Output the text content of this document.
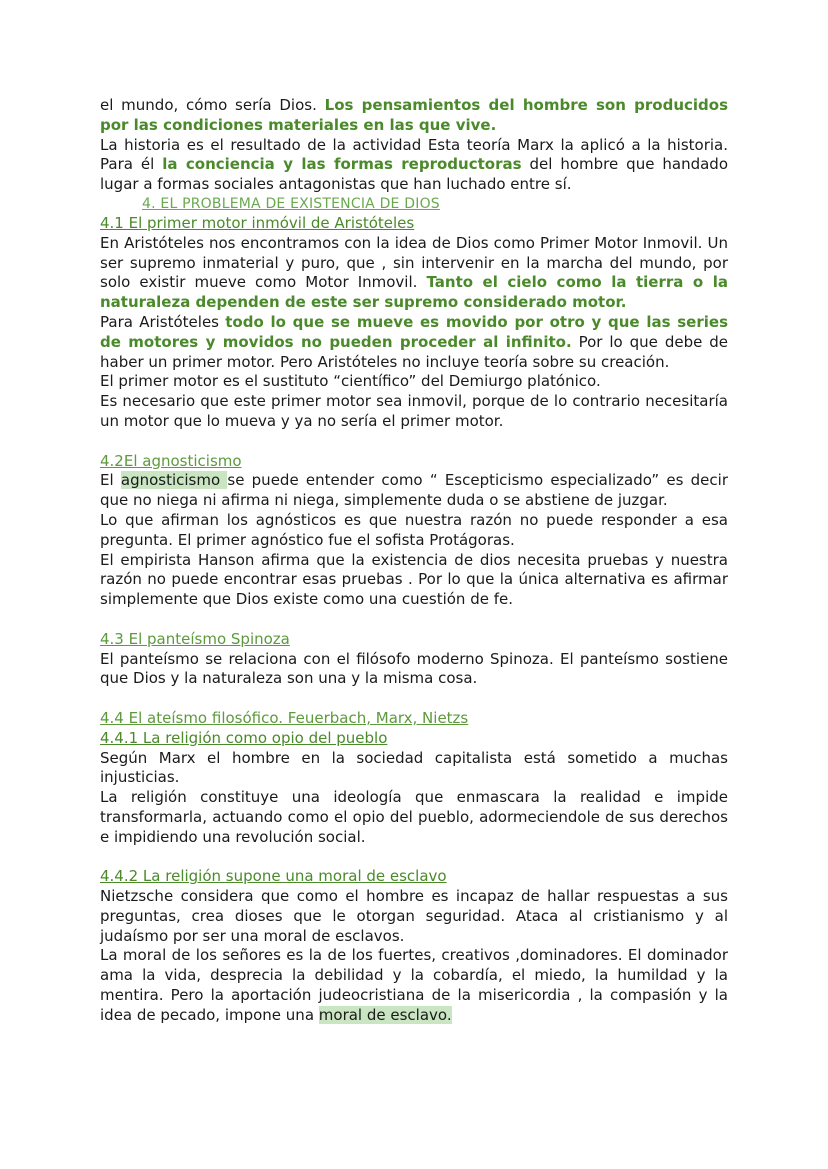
el mundo, cómo sería Dios. Los pensamientos del hombre son producidos por las condiciones materiales en las que vive.

La historia es el resultado de la actividad Esta teoría Marx la aplicó a la historia. Para él la conciencia y las formas reproductoras del hombre que handado lugar a formas sociales antagonistas que han luchado entre sí.

4. EL PROBLEMA DE EXISTENCIA DE DIOS

4.1 El primer motor inmóvil de Aristóteles

En Aristóteles nos encontramos con la idea de Dios como Primer Motor Inmovil. Un ser supremo inmaterial y puro, que , sin intervenir en la marcha del mundo, por solo existir mueve como Motor Inmovil. Tanto el cielo como la tierra o la naturaleza dependen de este ser supremo considerado motor.

Para Aristóteles todo lo que se mueve es movido por otro y que las series de motores y movidos no pueden proceder al infinito. Por lo que debe de haber un primer motor. Pero Aristóteles no incluye teoría sobre su creación.

El primer motor es el sustituto “científico” del Demiurgo platónico.

Es necesario que este primer motor sea inmovil, porque de lo contrario necesitaría un motor que lo mueva y ya no sería el primer motor.

4.2El agnosticismo

El agnosticismo se puede entender como “ Escepticismo especializado” es decir que no niega ni afirma ni niega, simplemente duda o se abstiene de juzgar.

Lo que afirman los agnósticos es que nuestra razón no puede responder a esa pregunta. El primer agnóstico fue el sofista Protágoras.

El empirista Hanson afirma que la existencia de dios necesita pruebas y nuestra razón no puede encontrar esas pruebas . Por lo que la única alternativa es afirmar simplemente que Dios existe como una cuestión de fe.

4.3 El panteísmo Spinoza

El panteísmo se relaciona con el filósofo moderno Spinoza. El panteísmo sostiene que Dios y la naturaleza son una y la misma cosa.

4.4 El ateísmo filosófico. Feuerbach, Marx, Nietzs

4.4.1 La religión como opio del pueblo

Según Marx el hombre en la sociedad capitalista está sometido a muchas injusticias.

La religión constituye una ideología que enmascara la realidad e impide transformarla, actuando como el opio del pueblo, adormeciendole de sus derechos e impidiendo una revolución social.

4.4.2 La religión supone una moral de esclavo

Nietzsche considera que como el hombre es incapaz de hallar respuestas a sus preguntas, crea dioses que le otorgan seguridad. Ataca al cristianismo y al judaísmo por ser una moral de esclavos.

La moral de los señores es la de los fuertes, creativos ,dominadores. El dominador ama la vida, desprecia la debilidad y la cobardía, el miedo, la humildad y la mentira. Pero la aportación judeocristiana de la misericordia , la compasión y la idea de pecado, impone una moral de esclavo.
